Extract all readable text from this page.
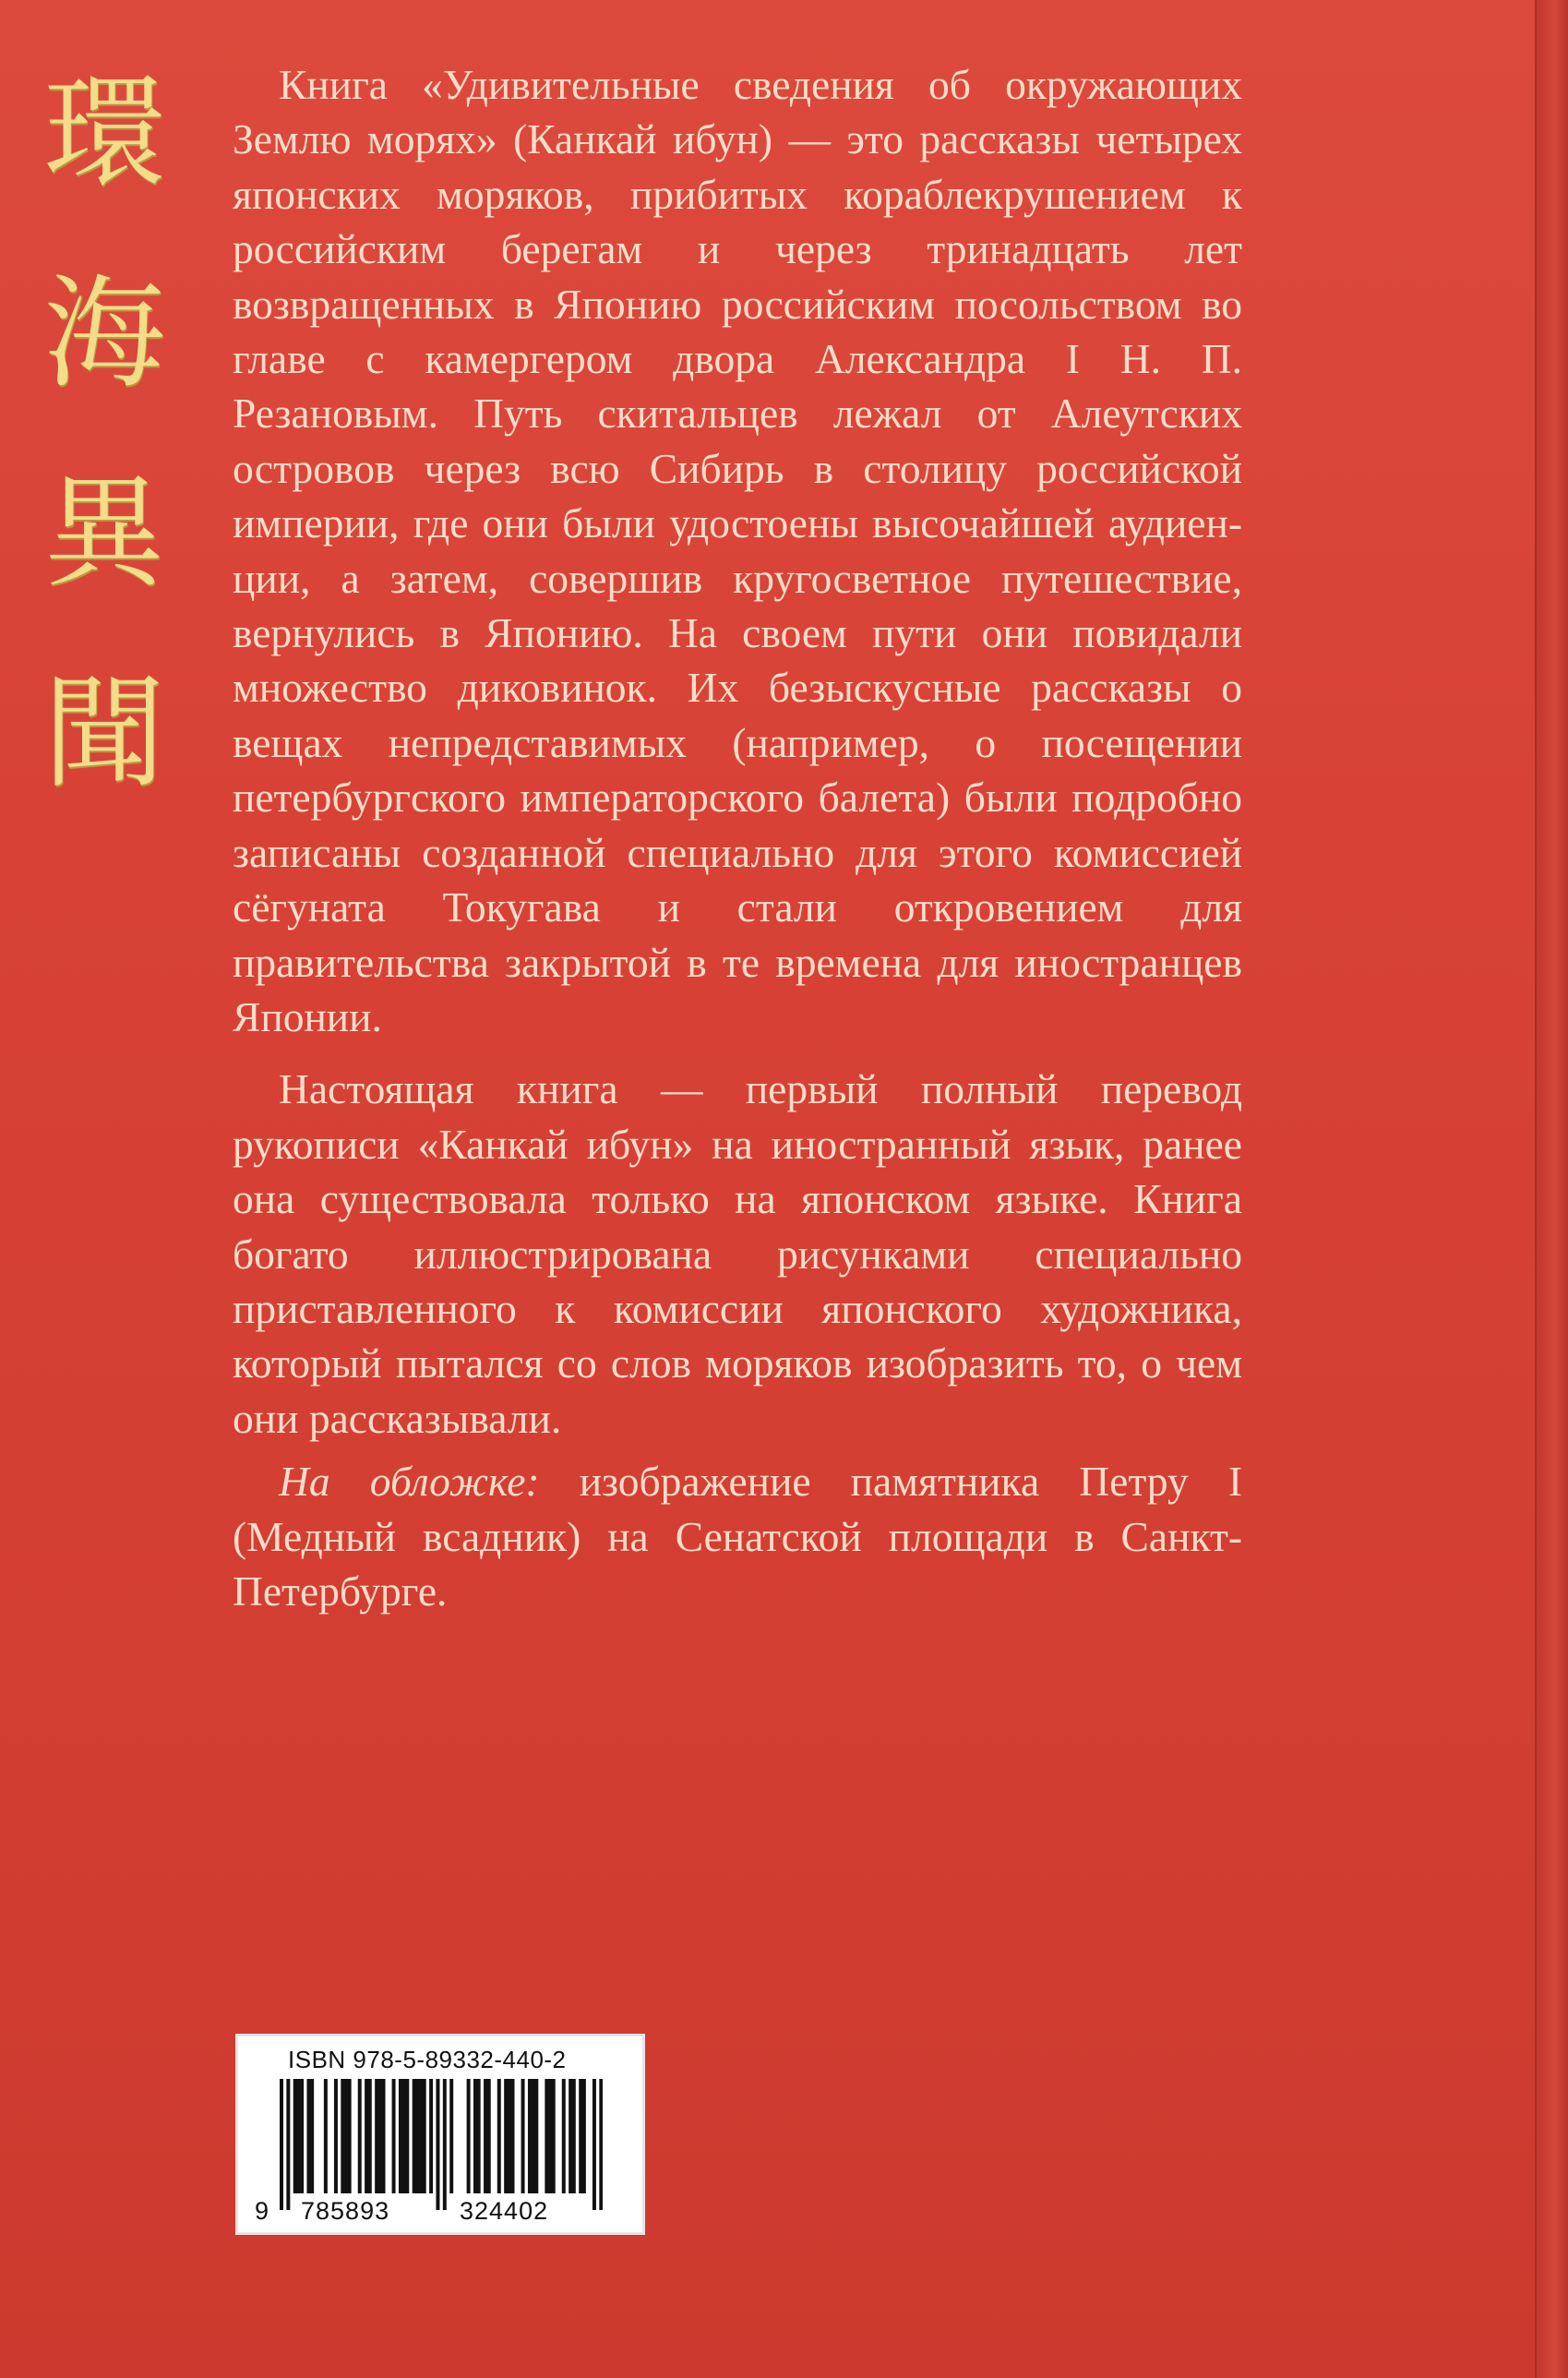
環
海
異
聞

Книга «Удивительные сведения об окружающих Землю морях» (Канкай ибун) — это рассказы четырех японских моряков, прибитых кораблекрушением к российским берегам и через тринадцать лет возвращенных в Японию российским посольством во главе с камергером двора Александра I Н. П. Резановым. Путь скитальцев лежал от Алеутских островов через всю Сибирь в столицу российской империи, где они были удостоены высочайшей аудиенции, а затем, совершив кругосветное путешествие, вернулись в Японию. На своем пути они повидали множество диковинок. Их безыскусные рассказы о вещах непредставимых (например, о посещении петербургского императорского балета) были подробно записаны созданной специально для этого комиссией сёгуната Токугава и стали откровением для правительства закрытой в те времена для иностранцев Японии.

Настоящая книга — первый полный перевод рукописи «Канкай ибун» на иностранный язык, ранее она существовала только на японском языке. Книга богато иллюстрирована рисунками специально приставленного к комиссии японского художника, который пытался со слов моряков изобразить то, о чем они рассказывали.

На обложке: изображение памятника Петру I (Медный всадник) на Сенатской площади в Санкт-Петербурге.

ISBN 978-5-89332-440-2
9 785893	324402
